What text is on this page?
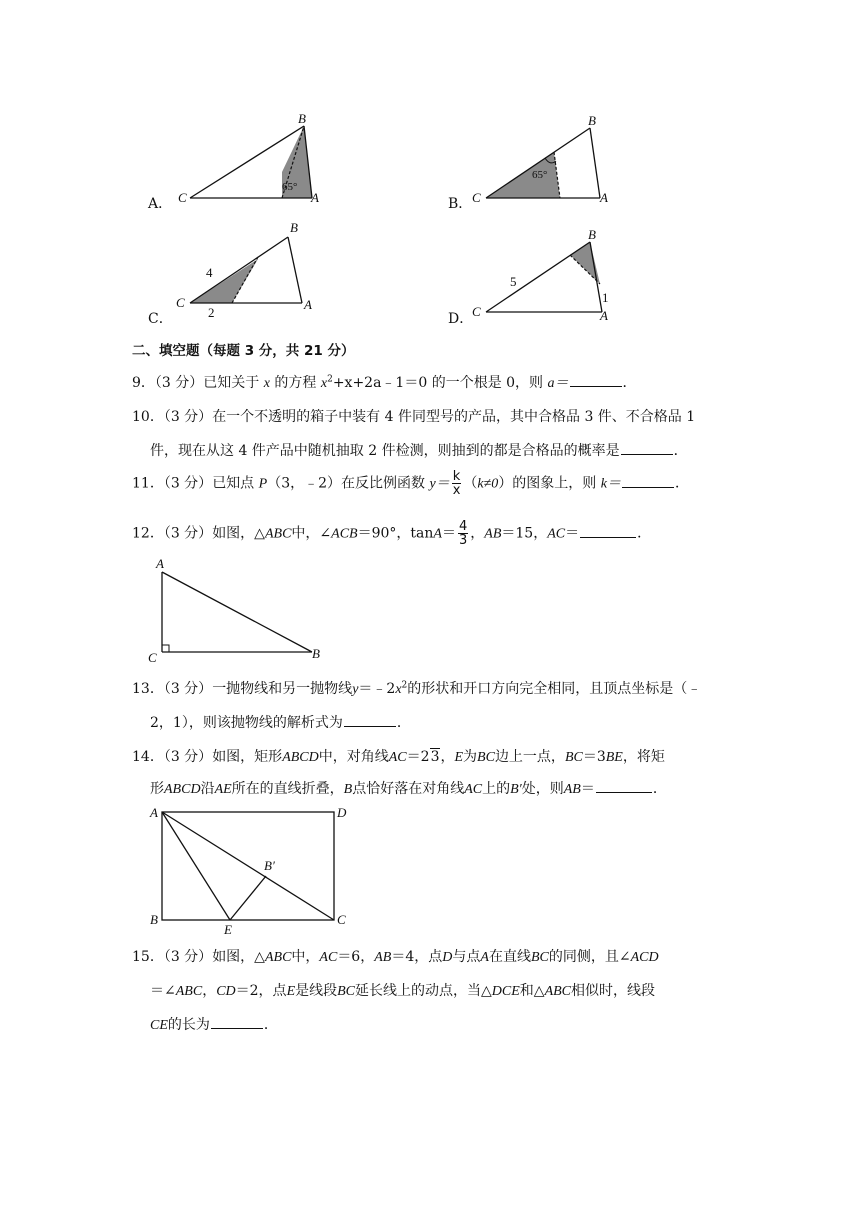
A．
65°
B
C	A	B．
65°
B
C	A
C．
4
2
B
C	A
D．
5
1
B
C	A
二、填空题（每题 3 分，共 21 分）
9．（3 分）已知关于 x 的方程 $x^2+x+2a﹣1=0$ 的一个根是 0，则 a＝	．
10．（3 分）在一个不透明的箱子中装有 4 件同型号的产品，其中合格品 3 件、不合格品 1
件，现在从这 4 件产品中随机抽取 2 件检测，则抽到的都是合格品的概率是	．
11．（3 分）已知点 P（3，﹣2）在反比例函数 $y= \frac{k}{x} (k\ne 0)$的图象上，则 k＝	．
12．（3 分）如图，△ABC中，∠ACB＝90°，$\tan A= \frac{4}{3}$ ，AB＝15，AC＝	．
A
C	B
13．（3 分）一抛物线和另一抛物线$y=﹣2x^2$的形状和开口方向完全相同，且顶点坐标是（﹣
2，1），则该抛物线的解析式为	．
14．（3 分）如图，矩形ABCD中，对角线AC＝23，E为BC边上一点，BC＝3BE，将矩
形ABCD沿AE所在的直线折叠，B点恰好落在对角线AC上的B′处，则AB＝	．
A	D
B	C
E
B′
15．（3 分）如图，△ABC中，AC＝6，AB＝4，点D与点A在直线BC的同侧，且∠ACD
＝∠ABC，CD＝2，点E是线段BC延长线上的动点，当△DCE和△ABC相似时，线段
CE的长为	．
